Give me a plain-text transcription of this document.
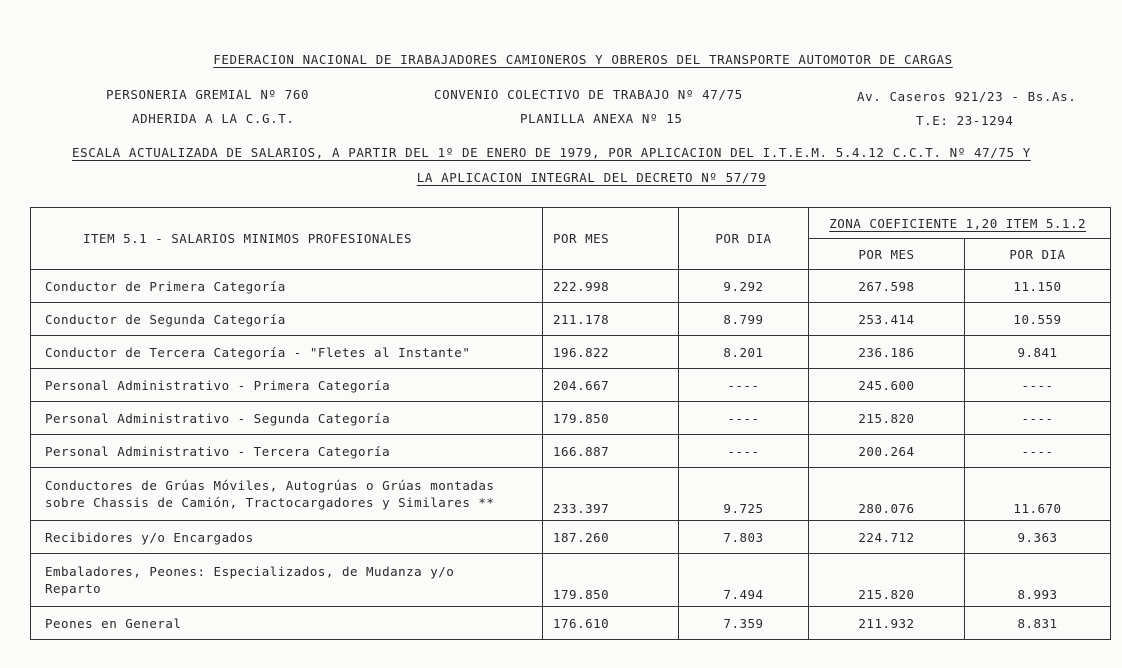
FEDERACION NACIONAL DE IRABAJADORES CAMIONEROS Y OBREROS DEL TRANSPORTE AUTOMOTOR DE CARGAS
PERSONERIA GREMIAL Nº 760
ADHERIDA A LA C.G.T.
CONVENIO COLECTIVO DE TRABAJO Nº 47/75
PLANILLA ANEXA Nº 15
Av. Caseros 921/23 - Bs.As.
T.E: 23-1294
ESCALA ACTUALIZADA DE SALARIOS, A PARTIR DEL 1º DE ENERO DE 1979, POR APLICACION DEL I.T.E.M. 5.4.12 C.C.T. Nº 47/75 Y
LA APLICACION INTEGRAL DEL DECRETO Nº 57/79
ITEM 5.1 - SALARIOS MINIMOS PROFESIONALES	POR MES	POR DIA	ZONA COEFICIENTE 1,20 ITEM 5.1.2	
			POR MES	POR DIA
Conductor de Primera Categoría	222.998	9.292	267.598	11.150
Conductor de Segunda Categoría	211.178	8.799	253.414	10.559
Conductor de Tercera Categoría - "Fletes al Instante"	196.822	8.201	236.186	9.841
Personal Administrativo - Primera Categoría	204.667	----	245.600	----
Personal Administrativo - Segunda Categoría	179.850	----	215.820	----
Personal Administrativo - Tercera Categoría	166.887	----	200.264	----
Conductores de Grúas Móviles, Autogrúas o Grúas montadas
sobre Chassis de Camión, Tractocargadores y Similares **	233.397	9.725	280.076	11.670
Recibidores y/o Encargados	187.260	7.803	224.712	9.363
Embaladores, Peones: Especializados, de Mudanza y/o
Reparto	179.850	7.494	215.820	8.993
Peones en General	176.610	7.359	211.932	8.831
